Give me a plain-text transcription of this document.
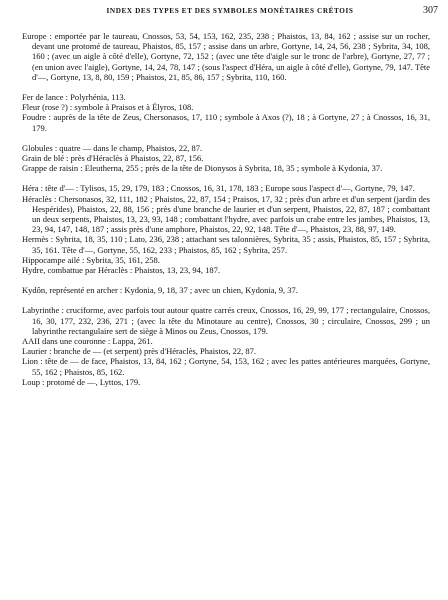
INDEX DES TYPES ET DES SYMBOLES MONÉTAIRES CRÉTOIS	307

Europe : emportée par le taureau, Cnossos, 53, 54, 153, 162, 235, 238 ; Phaistos, 13, 84, 162 ; assise sur un rocher, devant une protomé de taureau, Phaistos, 85, 157 ; assise dans un arbre, Gortyne, 14, 24, 56, 238 ; Sybrita, 34, 108, 160 ; (avec un aigle à côté d'elle), Gortyne, 72, 152 ; (avec une tête d'aigle sur le tronc de l'arbre), Gortyne, 27, 77 ; (en union avec l'aigle), Gortyne, 14, 24, 78, 147 ; (sous l'aspect d'Héra, un aigle à côté d'elle), Gortyne, 79, 147. Tête d'—, Gortyne, 13, 8, 80, 159 ; Phaistos, 21, 85, 86, 157 ; Sybrita, 110, 160.

Fer de lance : Polyrhénia, 113.

Fleur (rose ?) : symbole à Praisos et à Élyros, 108.

Foudre : auprès de la tête de Zeus, Chersonasos, 17, 110 ; symbole à Axos (?), 18 ; à Gortyne, 27 ; à Cnossos, 16, 31, 179.

Globules : quatre — dans le champ, Phaistos, 22, 87.

Grain de blé : près d'Héraclès à Phaistos, 22, 87, 156.

Grappe de raisin : Eleutherna, 255 ; près de la tête de Dionysos à Sybrita, 18, 35 ; symbole à Kydonia, 37.

Héra : tête d'— : Tylisos, 15, 29, 179, 183 ; Cnossos, 16, 31, 178, 183 ; Europe sous l'aspect d'—, Gortyne, 79, 147.

Héraclès : Chersonasos, 32, 111, 182 ; Phaistos, 22, 87, 154 ; Praisos, 17, 32 ; près d'un arbre et d'un serpent (jardin des Hespérides), Phaistos, 22, 88, 156 ; près d'une branche de laurier et d'un serpent, Phaistos, 22, 87, 187 ; combattant un deux serpents, Phaistos, 13, 23, 93, 148 ; combattant l'hydre, avec parfois un crabe entre les jambes, Phaistos, 13, 23, 94, 147, 148, 187 ; assis près d'une amphore, Phaistos, 22, 92, 148. Tête d'—, Phaistos, 23, 88, 97, 149.

Hermès : Sybrita, 18, 35, 110 ; Lato, 236, 238 ; attachant ses talonnières, Sybrita, 35 ; assis, Phaistos, 85, 157 ; Sybrita, 35, 161. Tête d'—, Gortyne, 55, 162, 233 ; Phaistos, 85, 162 ; Sybrita, 257.

Hippocampe ailé : Sybrita, 35, 161, 258.

Hydre, combattue par Héraclès : Phaistos, 13, 23, 94, 187.

Kydôn, représenté en archer : Kydonia, 9, 18, 37 ; avec un chien, Kydonia, 9, 37.

Labyrinthe : cruciforme, avec parfois tout autour quatre carrés creux, Cnossos, 16, 29, 99, 177 ; rectangulaire, Cnossos, 16, 30, 177, 232, 236, 271 ; (avec la tête du Minotaure au centre), Cnossos, 30 ; circulaire, Cnossos, 299 ; un labyrinthe rectangulaire sert de siège à Minos ou Zeus, Cnossos, 179.

AAII dans une couronne : Lappa, 261.

Laurier : branche de — (et serpent) près d'Héraclès, Phaistos, 22, 87.

Lion : tête de — de face, Phaistos, 13, 84, 162 ; Gortyne, 54, 153, 162 ; avec les pattes antérieures marquées, Gortyne, 55, 162 ; Phaistos, 85, 162.

Loup : protomé de —, Lyttos, 179.
